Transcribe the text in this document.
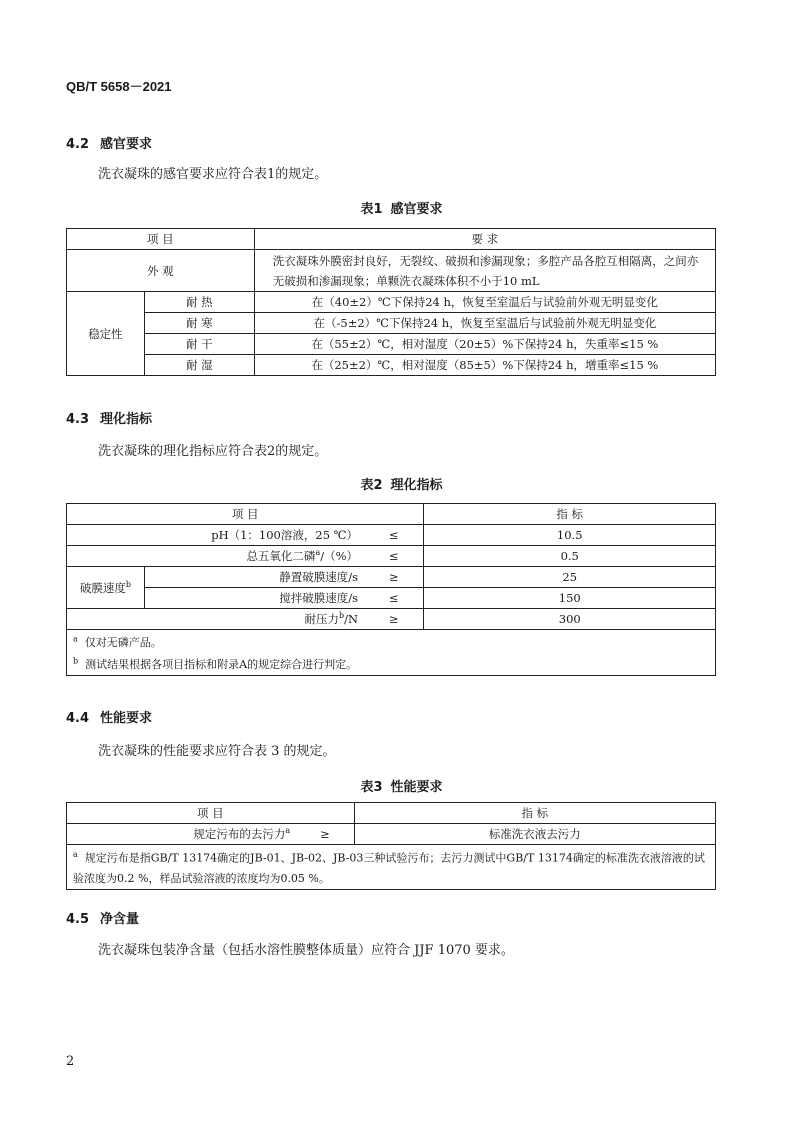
QB/T 5658－2021
4.2 感官要求
洗衣凝珠的感官要求应符合表1的规定。
表1 感官要求
项 目		要 求
外 观		洗衣凝珠外膜密封良好，无裂纹、破损和渗漏现象；多腔产品各腔互相隔离，之间亦无破损和渗漏现象；单颗洗衣凝珠体积不小于10 mL
稳定性	耐 热	在（40±2）℃下保持24 h，恢复至室温后与试验前外观无明显变化
	耐 寒	在（-5±2）℃下保持24 h，恢复至室温后与试验前外观无明显变化
	耐 干	在（55±2）℃，相对湿度（20±5）%下保持24 h，失重率≤15 %
	耐 湿	在（25±2）℃，相对湿度（85±5）%下保持24 h，增重率≤15 %
4.3 理化指标
洗衣凝珠的理化指标应符合表2的规定。
表2 理化指标
项 目			指 标
pH（1：100溶液，25 ℃）		≤	10.5
总五氧化二磷$^a$/（%）		≤	0.5
破膜速度$^b$	静置破膜速度/s	≥	25
	搅拌破膜速度/s	≤	150
耐压力$^b$/N		≥	300
$^a$ 仅对无磷产品。			
$^b$ 测试结果根据各项目指标和附录A的规定综合进行判定。			
4.4 性能要求
洗衣凝珠的性能要求应符合表 3 的规定。
表3 性能要求
项 目		指 标
规定污布的去污力$^a$	≥	标准洗衣液去污力
$^a$ 规定污布是指GB/T 13174确定的JB-01、JB-02、JB-03三种试验污布；去污力测试中GB/T 13174确定的标准洗衣液溶液的试验浓度为0.2 %，样品试验溶液的浓度均为0.05 %。		
4.5 净含量
洗衣凝珠包装净含量（包括水溶性膜整体质量）应符合 JJF 1070 要求。
2
